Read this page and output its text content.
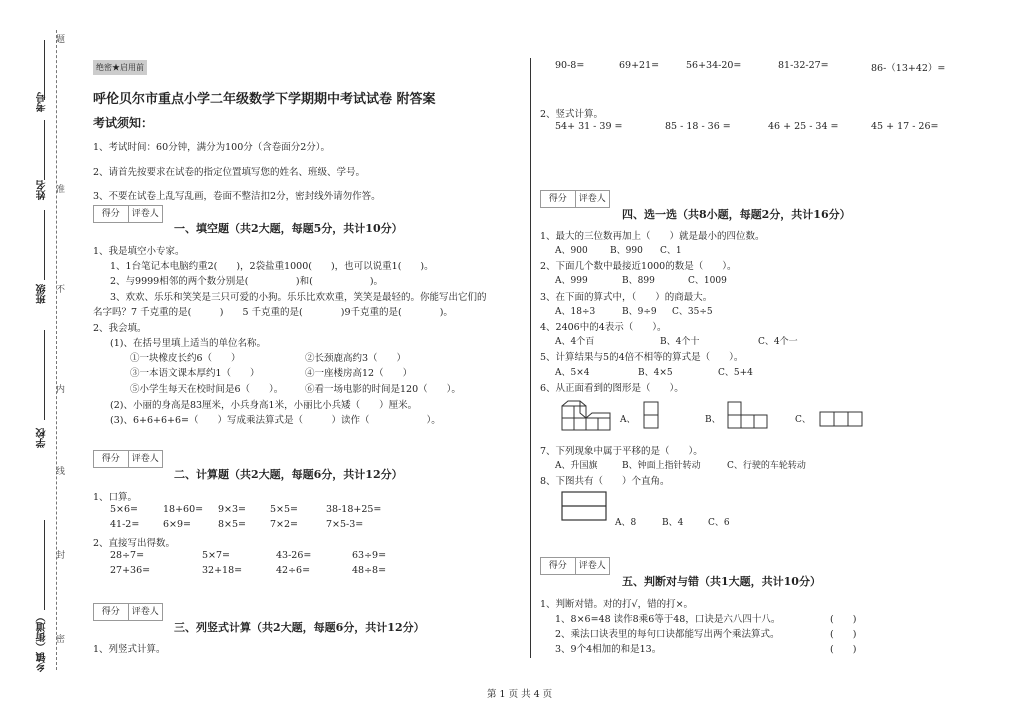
考号
姓名
班级
学校
乡镇（街道）
题
准
不
内
线
封
密
绝密★启用前
呼伦贝尔市重点小学二年级数学下学期期中考试试卷 附答案
考试须知：
1、考试时间：60分钟，满分为100分（含卷面分2分）。
2、请首先按要求在试卷的指定位置填写您的姓名、班级、学号。
3、不要在试卷上乱写乱画，卷面不整洁扣2分，密封线外请勿作答。
得分	评卷人
一、填空题（共2大题，每题5分，共计10分）
1、我是填空小专家。
1、1台笔记本电脑约重2(　　)，2袋盐重1000(　　)，也可以说重1(　　)。
2、与9999相邻的两个数分别是(　　　　　)和(　　　　　　)。
3、欢欢、乐乐和笑笑是三只可爱的小狗。乐乐比欢欢重，笑笑是最轻的。你能写出它们的
名字吗？7 千克重的是(　　　)　　5 千克重的是(　　　　)9千克重的是(　　　　)。
2、我会填。
(1)、在括号里填上适当的单位名称。
①一块橡皮长约6（　　）	②长颈鹿高约3（　　）
③一本语文课本厚约1（　　）	④一座楼房高12（　　）
⑤小学生每天在校时间是6（　　）。 ⑥看一场电影的时间是120（　　）。
(2)、小丽的身高是83厘米，小兵身高1米，小丽比小兵矮（　　）厘米。
(3)、6+6+6+6=（　　）写成乘法算式是（　　　）读作（　　　　　　）。
得分	评卷人
二、计算题（共2大题，每题6分，共计12分）
1、口算。
5×6=	18+60= 9×3=	5×5=	38-18+25=
41-2= 6×9=	8×5=	7×2=	7×5-3=
2、直接写出得数。
28÷7=	5×7=	43-26=	63÷9=
27+36=	32+18=	42÷6=	48÷8=
得分	评卷人
三、列竖式计算（共2大题，每题6分，共计12分）
1、列竖式计算。
90-8=	69+21=	56+34-20=	81-32-27=	86-（13+42）=
2、竖式计算。
54+ 31 - 39 =	85 - 18 - 36 =	46 + 25 - 34 =	45 + 17 - 26=
得分	评卷人
四、选一选（共8小题，每题2分，共计16分）
1、最大的三位数再加上（　　）就是最小的四位数。
A、900 B、990 C、1
2、下面几个数中最接近1000的数是（　　）。
A、999	B、899	C、1009
3、在下面的算式中，（　　）的商最大。
A、18÷3	B、9÷9 C、35÷5
4、2406中的4表示（　　）。
A、4个百	B、4个十	C、4个一
5、计算结果与5的4倍不相等的算式是（　　）。
A、5×4	B、4×5	C、5+4
6、从正面看到的图形是（　　）。
A、	B、	C、
7、下列现象中属于平移的是（　　）。
A、升国旗	B、钟面上指针转动	C、行驶的车轮转动
8、下图共有（　　）个直角。
A、8	B、4	C、6
得分	评卷人
五、判断对与错（共1大题，共计10分）
1、判断对错。对的打√，错的打×。
1、8×6=48 读作8乘6等于48，口诀是六八四十八。	(　　)
2、乘法口诀表里的每句口诀都能写出两个乘法算式。	(　　)
3、9个4相加的和是13。	(　　)
第 1 页 共 4 页
